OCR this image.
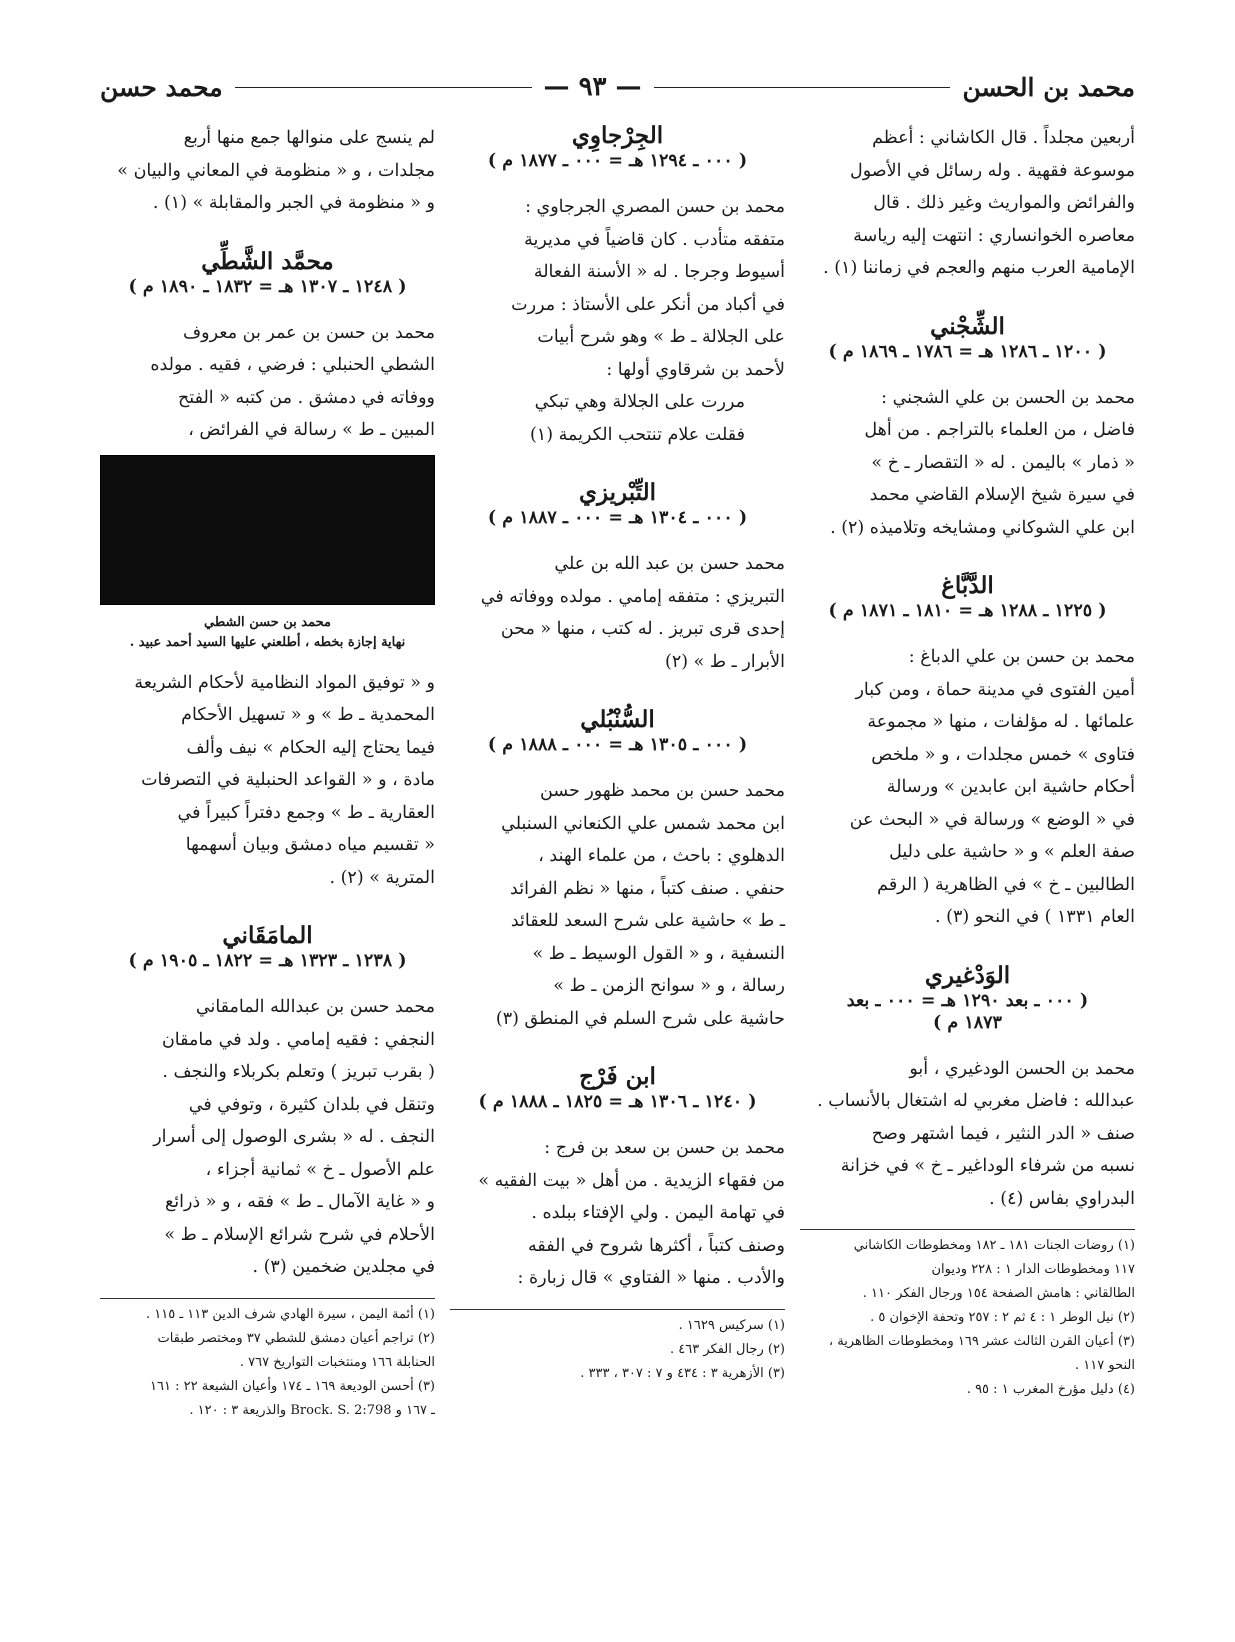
محمد بن الحسن
— ٩٣ —
محمد حسن

أربعين مجلداً . قال الكاشاني : أعظم

موسوعة فقهية . وله رسائل في الأصول

والفرائض والمواريث وغير ذلك . قال

معاصره الخوانساري : انتهت إليه رياسة

الإمامية العرب منهم والعجم في زماننا (١) .

الشِّجْني

( ١٢٠٠ ـ ١٢٨٦ هـ = ١٧٨٦ ـ ١٨٦٩ م )

محمد بن الحسن بن علي الشجني :

فاضل ، من العلماء بالتراجم . من أهل

« ذمار » باليمن . له « التقصار ـ خ »

في سيرة شيخ الإسلام القاضي محمد

ابن علي الشوكاني ومشايخه وتلاميذه (٢) .

الدَّبَّاغ

( ١٢٢٥ ـ ١٢٨٨ هـ = ١٨١٠ ـ ١٨٧١ م )

محمد بن حسن بن علي الدباغ :

أمين الفتوى في مدينة حماة ، ومن كبار

علمائها . له مؤلفات ، منها « مجموعة

فتاوى » خمس مجلدات ، و « ملخص

أحكام حاشية ابن عابدين » ورسالة

في « الوضع » ورسالة في « البحث عن

صفة العلم » و « حاشية على دليل

الطالبين ـ خ » في الظاهرية ( الرقم

العام ١٣٣١ ) في النحو (٣) .

الوَدْغيري

( ٠٠٠ ـ بعد ١٢٩٠ هـ = ٠٠٠ ـ بعد

١٨٧٣ م )

محمد بن الحسن الودغيري ، أبو

عبدالله : فاضل مغربي له اشتغال بالأنساب .

صنف « الدر النثير ، فيما اشتهر وصح

نسبه من شرفاء الوداغير ـ خ » في خزانة

البدراوي بفاس (٤) .

(١) روضات الجنات ١٨١ ـ ١٨٢ ومخطوطات الكاشاني

١١٧ ومخطوطات الدار ١ : ٢٢٨ وديوان

الطالقاني : هامش الصفحة ١٥٤ ورجال الفكر ١١٠ .

(٢) نيل الوطر ١ : ٤ ثم ٢ : ٢٥٧ وتحفة الإخوان ٥ .

(٣) أعيان القرن الثالث عشر ١٦٩ ومخطوطات الظاهرية ،

النحو ١١٧ .

(٤) دليل مؤرخ المغرب ١ : ٩٥ .

الجِرْجاوِي

( ٠٠٠ ـ ١٢٩٤ هـ = ٠٠٠ ـ ١٨٧٧ م )

محمد بن حسن المصري الجرجاوي :

متفقه متأدب . كان قاضياً في مديرية

أسيوط وجرجا . له « الأسنة الفعالة

في أكباد من أنكر على الأستاذ : مررت

على الجلالة ـ ط » وهو شرح أبيات

لأحمد بن شرقاوي أولها :

مررت على الجلالة وهي تبكي

فقلت علام تنتحب الكريمة (١)

التِّبْريزي

( ٠٠٠ ـ ١٣٠٤ هـ = ٠٠٠ ـ ١٨٨٧ م )

محمد حسن بن عبد الله بن علي

التبريزي : متفقه إمامي . مولده ووفاته في

إحدى قرى تبريز . له كتب ، منها « محن

الأبرار ـ ط » (٢)

السُّنْبُلي

( ٠٠٠ ـ ١٣٠٥ هـ = ٠٠٠ ـ ١٨٨٨ م )

محمد حسن بن محمد ظهور حسن

ابن محمد شمس علي الكنعاني السنبلي

الدهلوي : باحث ، من علماء الهند ،

حنفي . صنف كتباً ، منها « نظم الفرائد

ـ ط » حاشية على شرح السعد للعقائد

النسفية ، و « القول الوسيط ـ ط »

رسالة ، و « سوانح الزمن ـ ط »

حاشية على شرح السلم في المنطق (٣)

ابن فَرْج

( ١٢٤٠ ـ ١٣٠٦ هـ = ١٨٢٥ ـ ١٨٨٨ م )

محمد بن حسن بن سعد بن فرج :

من فقهاء الزيدية . من أهل « بيت الفقيه »

في تهامة اليمن . ولي الإفتاء ببلده .

وصنف كتباً ، أكثرها شروح في الفقه

والأدب . منها « الفتاوي » قال زبارة :

(١) سركيس ١٦٢٩ .

(٢) رجال الفكر ٤٦٣ .

(٣) الأزهرية ٣ : ٤٣٤ و ٧ : ٣٠٧ ، ٣٣٣ .

لم ينسج على منوالها جمع منها أربع

مجلدات ، و « منظومة في المعاني والبيان »

و « منظومة في الجبر والمقابلة » (١) .

محمَّد الشَّطِّي

( ١٢٤٨ ـ ١٣٠٧ هـ = ١٨٣٢ ـ ١٨٩٠ م )

محمد بن حسن بن عمر بن معروف

الشطي الحنبلي : فرضي ، فقيه . مولده

ووفاته في دمشق . من كتبه « الفتح

المبين ـ ط » رسالة في الفرائض ،

محمد بن حسن الشطي

نهاية إجازة بخطه ، أطلعني عليها السيد أحمد عبيد .

و « توفيق المواد النظامية لأحكام الشريعة

المحمدية ـ ط » و « تسهيل الأحكام

فيما يحتاج إليه الحكام » نيف وألف

مادة ، و « القواعد الحنبلية في التصرفات

العقارية ـ ط » وجمع دفتراً كبيراً في

« تقسيم مياه دمشق وبيان أسهمها

المترية » (٢) .

المامَقَاني

( ١٢٣٨ ـ ١٣٢٣ هـ = ١٨٢٢ ـ ١٩٠٥ م )

محمد حسن بن عبدالله المامقاني

النجفي : فقيه إمامي . ولد في مامقان

( بقرب تبريز ) وتعلم بكربلاء والنجف .

وتنقل في بلدان كثيرة ، وتوفي في

النجف . له « بشرى الوصول إلى أسرار

علم الأصول ـ خ » ثمانية أجزاء ،

و « غاية الآمال ـ ط » فقه ، و « ذرائع

الأحلام في شرح شرائع الإسلام ـ ط »

في مجلدين ضخمين (٣) .

(١) أئمة اليمن ، سيرة الهادي شرف الدين ١١٣ ـ ١١٥ .

(٢) تراجم أعيان دمشق للشطي ٣٧ ومختصر طبقات

الحنابلة ١٦٦ ومنتخبات التواريخ ٧٦٧ .

(٣) أحسن الوديعة ١٦٩ ـ ١٧٤ وأعيان الشيعة ٢٢ : ١٦١

ـ ١٦٧ و Brock. S. 2:798 والذريعة ٣ : ١٢٠ .
